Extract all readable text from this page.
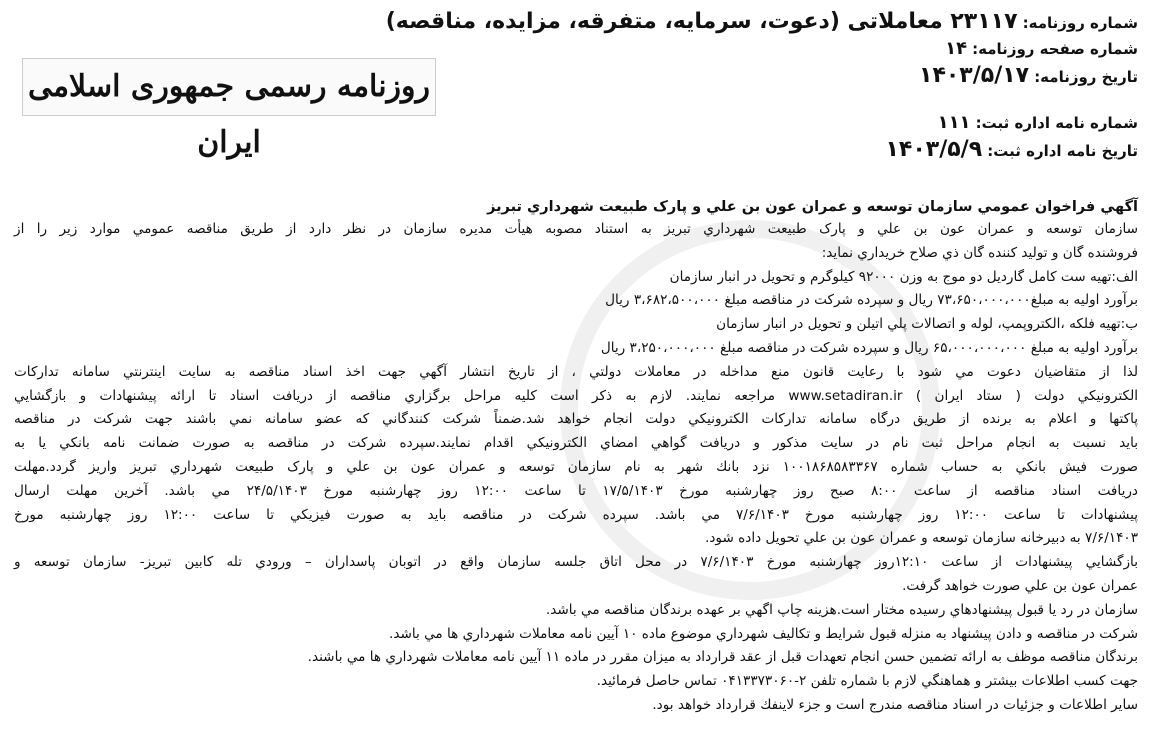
شماره روزنامه: ۲۳۱۱۷ معاملاتی (دعوت، سرمایه، متفرقه، مزایده، مناقصه)
شماره صفحه روزنامه: ۱۴
تاریخ روزنامه: ۱۴۰۳/۵/۱۷
شماره نامه اداره ثبت: ۱۱۱
تاریخ نامه اداره ثبت: ۱۴۰۳/۵/۹
روزنامه رسمی جمهوری اسلامی ایران
آگهي فراخوان عمومي سازمان توسعه و عمران عون بن علي و پارک طبيعت شهرداري تبريز
سازمان توسعه و عمران عون بن علي و پارک طبيعت شهرداري تبريز به استناد مصوبه هيأت مديره سازمان در نظر دارد از طريق مناقصه عمومي موارد زير را از
فروشنده گان و توليد کننده گان ذي صلاح خريداري نمايد:
الف:تهيه ست كامل گارديل دو موج به وزن ۹۲۰۰۰ كيلوگرم و تحويل در انبار سازمان
برآورد اوليه به مبلغ۷۳،۶۵۰،۰۰۰،۰۰۰ ريال و سپرده شركت در مناقصه مبلغ ۳،۶۸۲،۵۰۰،۰۰۰ ريال
ب:تهيه فلكه ،الكتروپمپ، لوله و اتصالات پلي اتيلن و تحويل در انبار سازمان
برآورد اوليه به مبلغ ۶۵،۰۰۰،۰۰۰،۰۰۰ ريال و سپرده شركت در مناقصه مبلغ ۳،۲۵۰،۰۰۰،۰۰۰ ريال
لذا از متقاضيان دعوت مي شود با رعايت قانون منع مداخله در معاملات دولتي ، از تاريخ انتشار آگهي جهت اخذ اسناد مناقصه به سايت اينترنتي سامانه تداركات
الكترونيكي دولت ( ستاد ايران ) www.setadiran.ir مراجعه نمايند. لازم به ذكر است كليه مراحل برگزاري مناقصه از دريافت اسناد تا ارائه پيشنهادات و بازگشايي
پاكتها و اعلام به برنده از طريق درگاه سامانه تداركات الكترونيكي دولت انجام خواهد شد.ضمناً شركت كنندگاني كه عضو سامانه نمي باشند جهت شركت در مناقصه
بايد نسبت به انجام مراحل ثبت نام در سايت مذكور و دريافت گواهي امضاي الكترونيكي اقدام نمايند.سپرده شركت در مناقصه به صورت ضمانت نامه بانكي يا به
صورت فيش بانكي به حساب شماره ۱۰۰۱۸۶۸۵۸۳۳۶۷ نزد بانك شهر به نام سازمان توسعه و عمران عون بن علي و پارک طبيعت شهرداري تبريز واريز گردد.مهلت
دريافت اسناد مناقصه از ساعت ۸:۰۰ صبح روز چهارشنبه مورخ ۱۷/۵/۱۴۰۳ تا ساعت ۱۲:۰۰ روز چهارشنبه مورخ ۲۴/۵/۱۴۰۳ مي باشد. آخرين مهلت ارسال
پيشنهادات تا ساعت ۱۲:۰۰ روز چهارشنبه مورخ ۷/۶/۱۴۰۳ مي باشد. سپرده شركت در مناقصه بايد به صورت فيزيكي تا ساعت ۱۲:۰۰ روز چهارشنبه مورخ
۷/۶/۱۴۰۳ به دبيرخانه سازمان توسعه و عمران عون بن علي تحويل داده شود.
بازگشايي پيشنهادات از ساعت ۱۲:۱۰روز چهارشنبه مورخ ۷/۶/۱۴۰۳ در محل اتاق جلسه سازمان واقع در اتوبان پاسداران – ورودي تله كابين تبريز- سازمان توسعه و
عمران عون بن علي صورت خواهد گرفت.
سازمان در رد يا قبول پيشنهادهاي رسيده مختار است.هزينه چاپ اگهي بر عهده برندگان مناقصه مي باشد.
شركت در مناقصه و دادن پيشنهاد به منزله قبول شرايط و تكاليف شهرداري موضوع ماده ۱۰ آيين نامه معاملات شهرداري ها مي باشد.
برندگان مناقصه موظف به ارائه تضمين حسن انجام تعهدات قبل از عقد قرارداد به ميزان مقرر در ماده ۱۱ آيين نامه معاملات شهرداري ها مي باشند.
جهت كسب اطلاعات بيشتر و هماهنگي لازم با شماره تلفن ۲-۰۴۱۳۳۷۳۰۶۰ تماس حاصل فرمائيد.
ساير اطلاعات و جزئيات در اسناد مناقصه مندرج است و جزء لاينفك قرارداد خواهد بود.
